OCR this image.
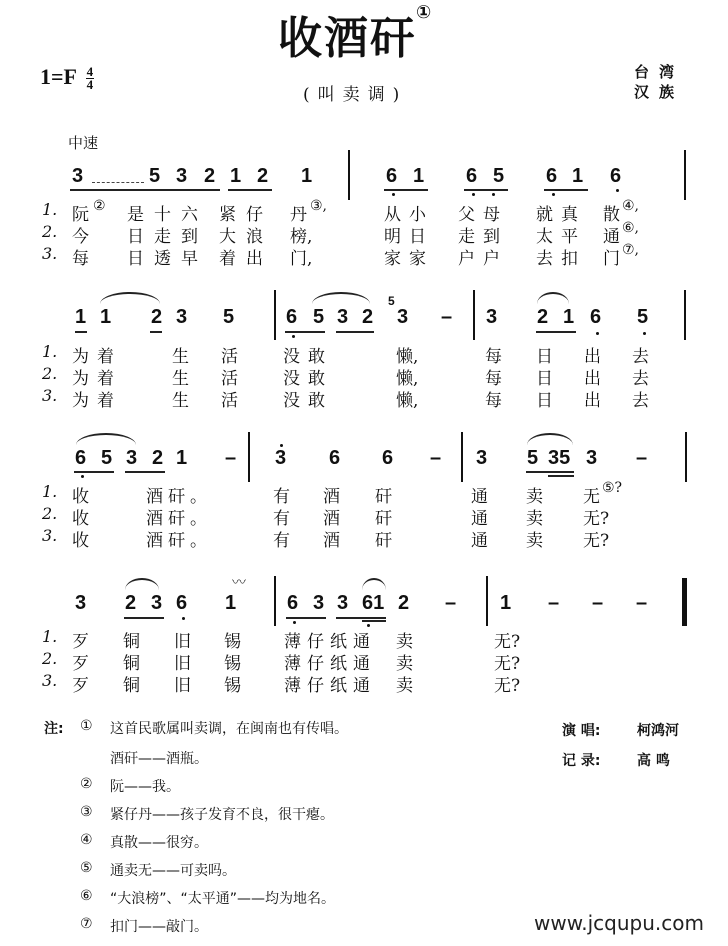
收酒矸①
(叫卖调)
$1=F \frac{4}{4}$	台湾
汉族
中速
3	5 3 2 1 2 1	6 1 6 5 6 1 6
1. 阮 ② 是十六 紧仔 丹 ③,	从小 父母 就真 散 ④,
2. 今 日走到 大浪 榜,	明日 走到 太平 通 ⑥,
3. 每 日透早 着出 门,	家家 户户 去扣 门 ⑦,
1 1 2 3 5	6 5 3 2
5
3 – 3 2 1 6 5
1. 为着	生 活	没敢	懒,	每 日 出 去
2. 为着	生 活	没敢	懒,	每 日 出 去
3. 为着	生 活	没敢	懒,	每 日 出 去
6 5 3 2 1 – 3 6 6 – 3 5 35 3 –
1. 收	酒矸。	有 酒 矸	通 卖 无 ⑤?
2. 收	酒矸。	有 酒 矸	通 卖 无?
3. 收	酒矸。	有 酒 矸	通 卖 无?
〰
3 2 3 6 1	6 3 3 61 2 – 1 – – –
1. 歹 铜 旧 锡	薄仔纸通 卖	无?
2. 歹 铜 旧 锡	薄仔纸通 卖	无?
3. 歹 铜 旧 锡	薄仔纸通 卖	无?
注: ① 这首民歌属叫卖调，在闽南也有传唱。
酒矸——酒瓶。
② 阮——我。
③ 紧仔丹——孩子发育不良，很干瘪。
④ 真散——很穷。
⑤ 通卖无——可卖吗。
⑥ “大浪榜”、“太平通”——均为地名。
⑦ 扣门——敲门。
演 唱:	柯鸿河
记 录:	高 鸣
www.jcqupu.com
